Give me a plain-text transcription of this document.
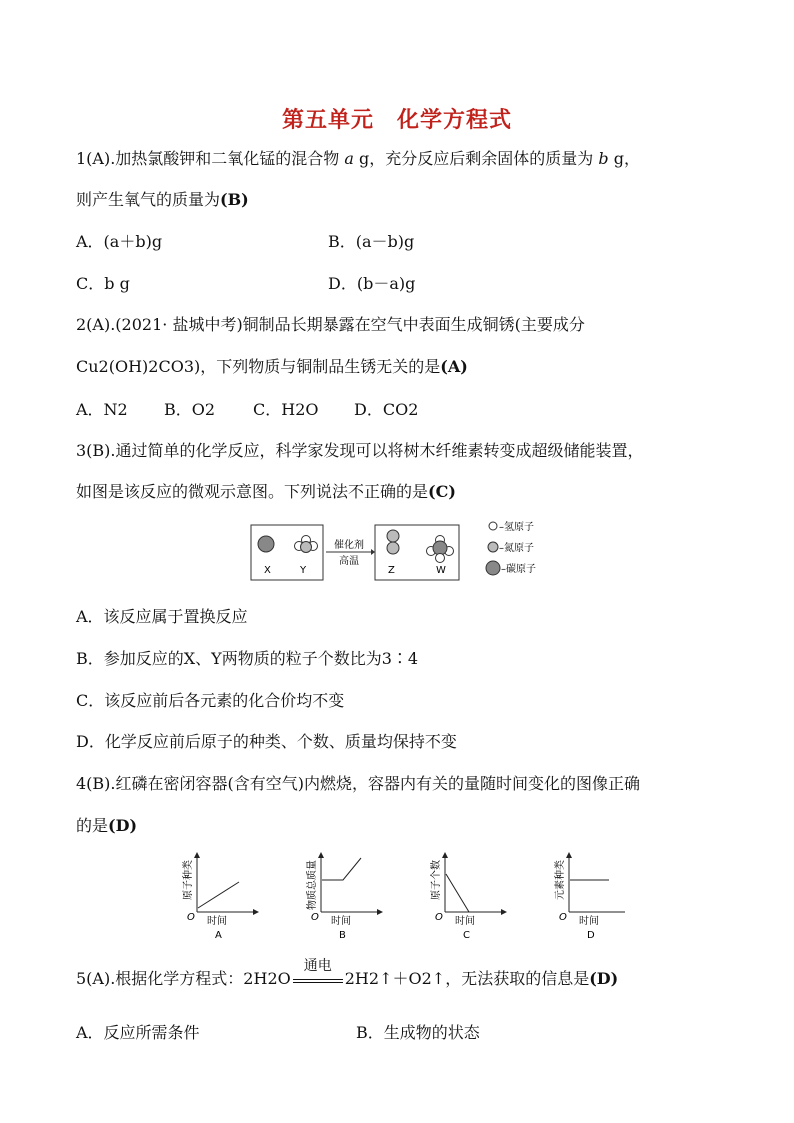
第五单元　化学方程式
1(A).加热氯酸钾和二氧化锰的混合物 a g，充分反应后剩余固体的质量为 b g，
则产生氧气的质量为(B)
A．(a＋b)g	B．(a－b)g
C．b g	D．(b－a)g
2(A).(2021· 盐城中考)铜制品长期暴露在空气中表面生成铜锈(主要成分
Cu2(OH)2CO3)，下列物质与铜制品生锈无关的是(A)
A．N2 B．O2 C．H2O D．CO2
3(B).通过简单的化学反应，科学家发现可以将树木纤维素转变成超级储能装置，
如图是该反应的微观示意图。下列说法不正确的是(C)
X	Y
催化剂
高温
Z	W
–氢原子
–氮原子
–碳原子
A．该反应属于置换反应
B．参加反应的X、Y两物质的粒子个数比为3∶4
C．该反应前后各元素的化合价均不变
D．化学反应前后原子的种类、个数、质量均保持不变
4(B).红磷在密闭容器(含有空气)内燃烧，容器内有关的量随时间变化的图像正确
的是(D)
原子种类
O 时间
A
物质总质量
O 时间
B
原子个数
O 时间
C
元素种类
O 时间
D
5(A).根据化学方程式：2H2O
通电
2H2↑＋O2↑，无法获取的信息是(D)
A．反应所需条件	B．生成物的状态
